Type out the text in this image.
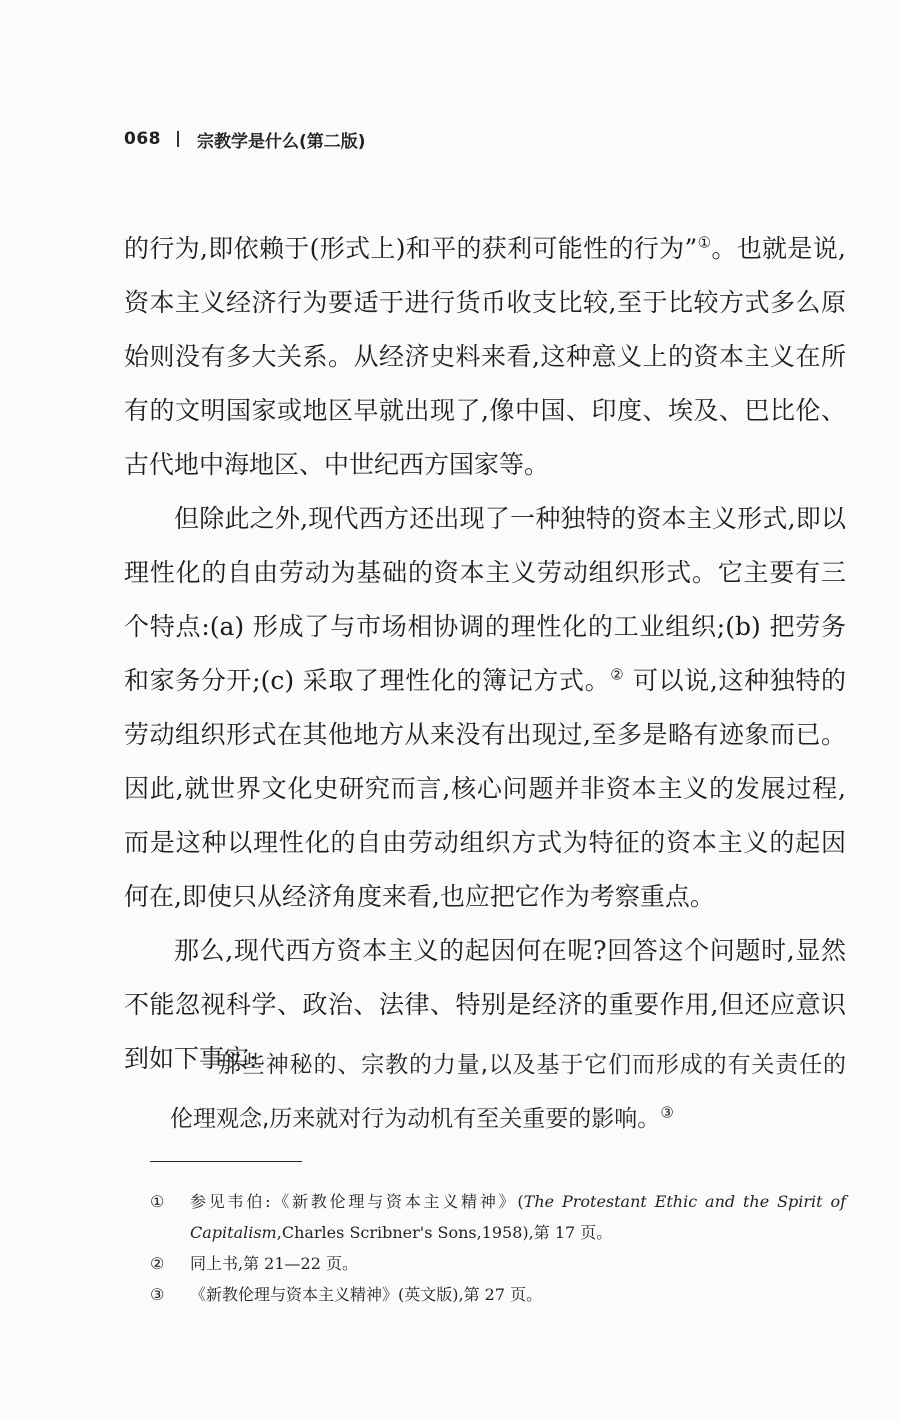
068 宗教学是什么(第二版)

的行为,即依赖于(形式上)和平的获利可能性的行为”①。也就是说,资本主义经济行为要适于进行货币收支比较,至于比较方式多么原始则没有多大关系。从经济史料来看,这种意义上的资本主义在所有的文明国家或地区早就出现了,像中国、印度、埃及、巴比伦、古代地中海地区、中世纪西方国家等。

但除此之外,现代西方还出现了一种独特的资本主义形式,即以理性化的自由劳动为基础的资本主义劳动组织形式。它主要有三个特点:(a) 形成了与市场相协调的理性化的工业组织;(b) 把劳务和家务分开;(c) 采取了理性化的簿记方式。② 可以说,这种独特的劳动组织形式在其他地方从来没有出现过,至多是略有迹象而已。因此,就世界文化史研究而言,核心问题并非资本主义的发展过程,而是这种以理性化的自由劳动组织方式为特征的资本主义的起因何在,即使只从经济角度来看,也应把它作为考察重点。

那么,现代西方资本主义的起因何在呢?回答这个问题时,显然不能忽视科学、政治、法律、特别是经济的重要作用,但还应意识到如下事实:

那些神秘的、宗教的力量,以及基于它们而形成的有关责任的伦理观念,历来就对行为动机有至关重要的影响。③
①	参见韦伯:《新教伦理与资本主义精神》(The Protestant Ethic and the Spirit of Capitalism,Charles Scribner's Sons,1958),第 17 页。
②	同上书,第 21—22 页。
③	《新教伦理与资本主义精神》(英文版),第 27 页。
